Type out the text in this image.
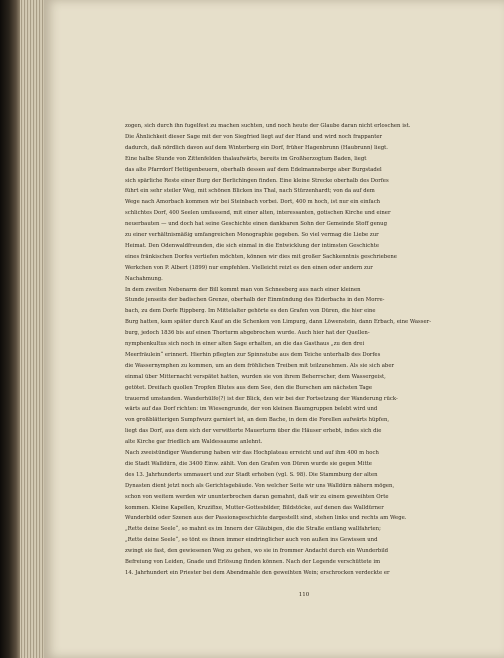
zogen, sich durch ihn fugelfest zu machen suchten, und noch heute der Glaube daran nicht erloschen ist.
Die Ähnlichkeit dieser Sage mit der von Siegfried liegt auf der Hand und wird noch frappanter
dadurch, daß nördlich davon auf dem Winterberg ein Dorf, früher Hagenbrunn (Haubrunn) liegt.
Eine halbe Stunde von Zittenfelden thalaufwärts, bereits im Großherzogtum Baden, liegt
das alte Pfarrdorf Hettigenbeuern, oberhalb dessen auf dem Edelmannsberge aber Burgstadel
sich spärliche Reste einer Burg der Berlichingen finden. Eine kleine Strecke oberhalb des Dorfes
führt ein sehr steiler Weg, mit schönen Blicken ins Thal, nach Stürzenhardt; von da auf dem
Wege nach Amorbach kommen wir bei Steinbach vorbei. Dort, 400 m hoch, ist nur ein einfach
schlichtes Dorf, 400 Seelen umfassend, mit einer alten, interessanten, gotischen Kirche und einer
neuerbauten — und doch hat seine Geschichte einen dankbaren Sohn der Gemeinde Stoff genug
zu einer verhältnismäßig umfangreichen Monographie gegeben. So viel vermag die Liebe zur
Heimat. Den Odenwaldfreunden, die sich einmal in die Entwicklung der intimsten Geschichte
eines fränkischen Dorfes vertiefen möchten, können wir dies mit großer Sachkenntnis geschriebene
Werkchen von P. Albert (1899) nur empfehlen. Vielleicht reizt es den einen oder andern zur
Nachahmung.
In dem zweiten Nebenarm der Bill kommt man von Schneeberg aus nach einer kleinen
Stunde jenseits der badischen Grenze, oberhalb der Einmündung des Eiderbachs in den Morre-
bach, zu dem Dorfe Rippberg. Im Mittelalter gehörte es den Grafen von Düren, die hier eine
Burg hatten, kam später durch Kauf an die Schenken von Limpurg, dann Löwenstein, dann Erbach, eine Wasser-
burg, jedoch 1836 bis auf einen Thorturm abgebrochen wurde. Auch hier hat der Quellen-
nymphenkultus sich noch in einer alten Sage erhalten, an die das Gasthaus „zu den drei
Meerfräulein“ erinnert. Hierhin pflegten zur Spinnstube aus dem Teiche unterhalb des Dorfes
die Wassernymphen zu kommen, um an dem fröhlichen Treiben mit teilzunehmen. Als sie sich aber
einmal über Mitternacht verspätet hatten, wurden sie von ihrem Beherrscher, dem Wassergeist,
getötet. Dreifach quollen Tropfen Blutes aus dem See, den die Burschen am nächsten Tage
trauernd umstanden. Wanderhülfe(?) ist der Blick, den wir bei der Fortsetzung der Wanderung rück-
wärts auf das Dorf richten: im Wiesengrunde, der von kleinen Baumgruppen belebt wird und
von großblätterigen Sumpfwurz garniert ist, an dem Bache, in dem die Forellen aufwärts hüpfen,
liegt das Dorf, aus dem sich der verwitterte Mauerturm über die Häuser erhebt, indes sich die
alte Kirche gar friedlich am Waldessaume anlehnt.
Nach zweistündiger Wanderung haben wir das Hochplateau erreicht und auf ihm 400 m hoch
die Stadt Walldürn, die 3400 Einw. zählt. Von den Grafen von Düren wurde sie gegen Mitte
des 13. Jahrhunderts ummauert und zur Stadt erhoben (vgl. S. 98). Die Stammburg der alten
Dynasten dient jetzt noch als Gerichtsgebäude. Von welcher Seite wir uns Walldürn nähern mögen,
schon von weitem werden wir ununterbrochen daran gemahnt, daß wir zu einem geweihten Orte
kommen. Kleine Kapellen, Kruzifixe, Mutter-Gottesbilder, Bildstöcke, auf denen das Walldürner
Wunderbild oder Szenen aus der Passionsgeschichte dargestellt sind, stehen links und rechts am Wege.
„Rette deine Seele“, so mahnt es im Innern der Gläubigen, die die Straße entlang wallfahrten;
„Rette deine Seele“, so tönt es ihnen immer eindringlicher auch von außen ins Gewissen und
zwingt sie fast, den gewiesenen Weg zu gehen, wo sie in frommer Andacht durch ein Wunderbild
Befreiung von Leiden, Gnade und Erlösung finden können. Nach der Legende verschüttete im
14. Jahrhundert ein Priester bei dem Abendmahle den geweihten Wein; erschrocken verdeckte er
110
